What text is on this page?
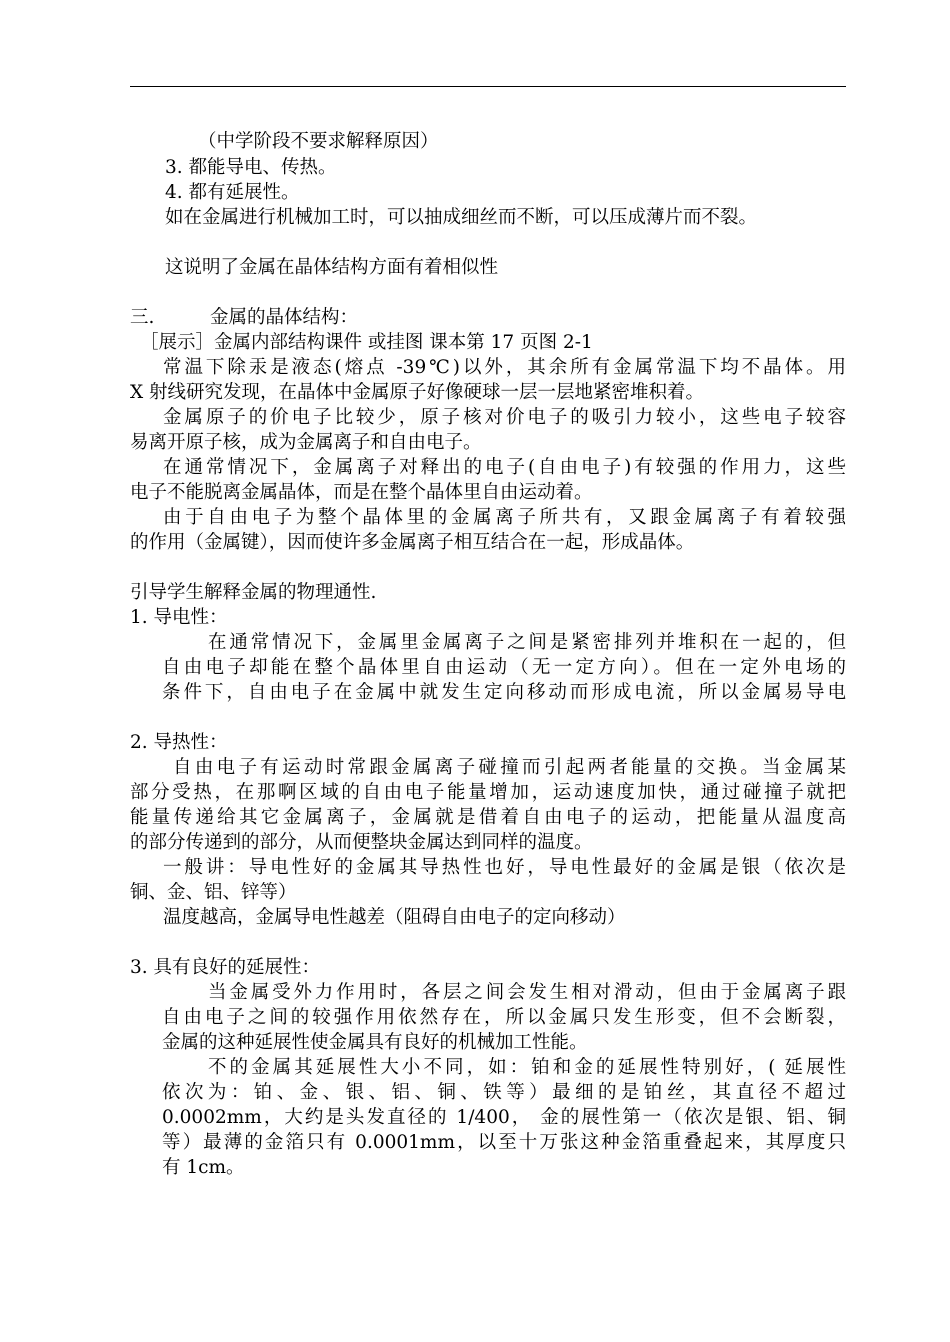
（中学阶段不要求解释原因）
3. 都能导电、传热。
4. 都有延展性。
如在金属进行机械加工时，可以抽成细丝而不断，可以压成薄片而不裂。
这说明了金属在晶体结构方面有着相似性
三.	金属的晶体结构：
［展示］金属内部结构课件 或挂图 课本第 17 页图 2-1
常温下除汞是液态(熔点 -39℃)以外，其余所有金属常温下均不晶体。用
X 射线研究发现，在晶体中金属原子好像硬球一层一层地紧密堆积着。
金属原子的价电子比较少，原子核对价电子的吸引力较小，这些电子较容
易离开原子核，成为金属离子和自由电子。
在通常情况下，金属离子对释出的电子(自由电子)有较强的作用力，这些
电子不能脱离金属晶体，而是在整个晶体里自由运动着。
由于自由电子为整个晶体里的金属离子所共有，又跟金属离子有着较强
的作用（金属键），因而使许多金属离子相互结合在一起，形成晶体。
引导学生解释金属的物理通性.
1. 导电性：
在通常情况下，金属里金属离子之间是紧密排列并堆积在一起的，但
自由电子却能在整个晶体里自由运动（无一定方向）。但在一定外电场的
条件下，自由电子在金属中就发生定向移动而形成电流，所以金属易导电
2. 导热性：
自由电子有运动时常跟金属离子碰撞而引起两者能量的交换。当金属某
部分受热，在那啊区域的自由电子能量增加，运动速度加快，通过碰撞子就把
能量传递给其它金属离子，金属就是借着自由电子的运动，把能量从温度高
的部分传递到的部分，从而便整块金属达到同样的温度。
一般讲：导电性好的金属其导热性也好，导电性最好的金属是银（依次是
铜、金、铝、锌等）
温度越高，金属导电性越差（阻碍自由电子的定向移动）
3. 具有良好的延展性：
当金属受外力作用时，各层之间会发生相对滑动，但由于金属离子跟
自由电子之间的较强作用依然存在，所以金属只发生形变，但不会断裂，
金属的这种延展性使金属具有良好的机械加工性能。
不的金属其延展性大小不同，如：铂和金的延展性特别好，( 延展性
依次为：铂、金、银、铝、铜、铁等）最细的是铂丝，其直径不超过
0.0002mm，大约是头发直径的 1/400， 金的展性第一（依次是银、铝、铜
等）最薄的金箔只有 0.0001mm，以至十万张这种金箔重叠起来，其厚度只
有 1cm。
